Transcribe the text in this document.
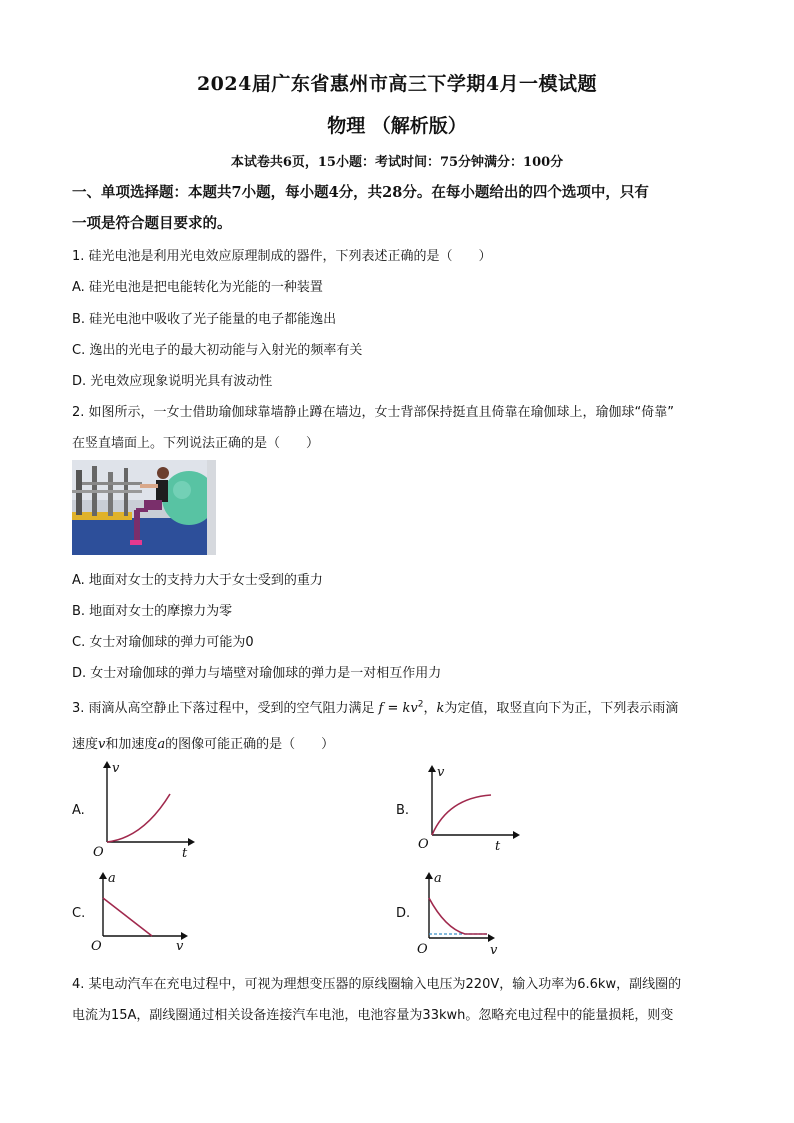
2024届广东省惠州市高三下学期4月一模试题
物理 （解析版）
本试卷共6页，15小题：考试时间：75分钟满分：100分
一、单项选择题：本题共7小题，每小题4分，共28分。在每小题给出的四个选项中，只有
一项是符合题目要求的。
1. 硅光电池是利用光电效应原理制成的器件，下列表述正确的是（　　）
A. 硅光电池是把电能转化为光能的一种装置
B. 硅光电池中吸收了光子能量的电子都能逸出
C. 逸出的光电子的最大初动能与入射光的频率有关
D. 光电效应现象说明光具有波动性
2. 如图所示，一女士借助瑜伽球靠墙静止蹲在墙边，女士背部保持挺直且倚靠在瑜伽球上，瑜伽球“倚靠”
在竖直墙面上。下列说法正确的是（　　）
A. 地面对女士的支持力大于女士受到的重力
B. 地面对女士的摩擦力为零
C. 女士对瑜伽球的弹力可能为0
D. 女士对瑜伽球的弹力与墙壁对瑜伽球的弹力是一对相互作用力
3. 雨滴从高空静止下落过程中，受到的空气阻力满足 $f = kv^2$，k为定值，取竖直向下为正，下列表示雨滴
速度v和加速度a的图像可能正确的是（　　）
A.
v
t
O
B.
v
t
O
C.
a
v
O
D.
a
v
O
4. 某电动汽车在充电过程中，可视为理想变压器的原线圈输入电压为220V，输入功率为6.6kw，副线圈的
电流为15A，副线圈通过相关设备连接汽车电池，电池容量为33kwh。忽略充电过程中的能量损耗，则变
